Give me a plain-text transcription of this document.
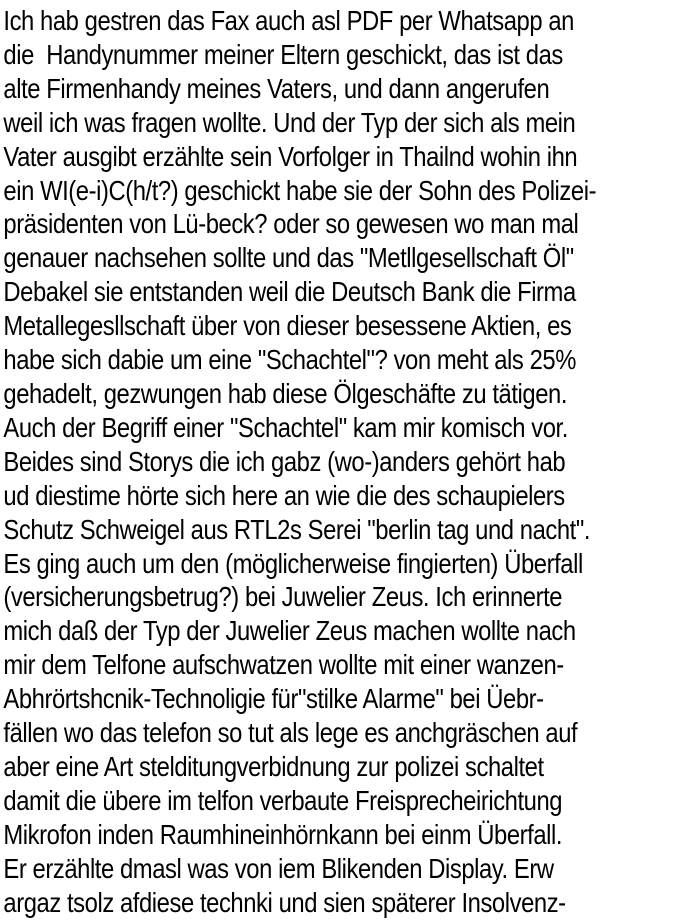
Ich hab gestren das Fax auch asl PDF per Whatsapp an
die  Handynummer meiner Eltern geschickt, das ist das
alte Firmenhandy meines Vaters, und dann angerufen
weil ich was fragen wollte. Und der Typ der sich als mein
Vater ausgibt erzählte sein Vorfolger in Thailnd wohin ihn
ein WI(e-i)C(h/t?) geschickt habe sie der Sohn des Polizei-
präsidenten von Lü-beck? oder so gewesen wo man mal
genauer nachsehen sollte und das "Metllgesellschaft Öl"
Debakel sie entstanden weil die Deutsch Bank die Firma
Metallegesllschaft über von dieser besessene Aktien, es
habe sich dabie um eine "Schachtel"? von meht als 25%
gehadelt, gezwungen hab diese Ölgeschäfte zu tätigen.
Auch der Begriff einer "Schachtel" kam mir komisch vor.
Beides sind Storys die ich gabz (wo-)anders gehört hab
ud diestime hörte sich here an wie die des schaupielers
Schutz Schweigel aus RTL2s Serei "berlin tag und nacht".
Es ging auch um den (möglicherweise fingierten) Überfall
(versicherungsbetrug?) bei Juwelier Zeus. Ich erinnerte
mich daß der Typ der Juwelier Zeus machen wollte nach
mir dem Telfone aufschwatzen wollte mit einer wanzen-
Abhrörtshcnik-Technoligie für"stilke Alarme" bei Üebr-
fällen wo das telefon so tut als lege es anchgräschen auf
aber eine Art stelditungverbidnung zur polizei schaltet
damit die übere im telfon verbaute Freisprecheirichtung
Mikrofon inden Raumhineinhörnkann bei einm Überfall.
Er erzählte dmasl was von iem Blikenden Display. Erw
argaz tsolz afdiese technki und sien späterer Insolvenz-
